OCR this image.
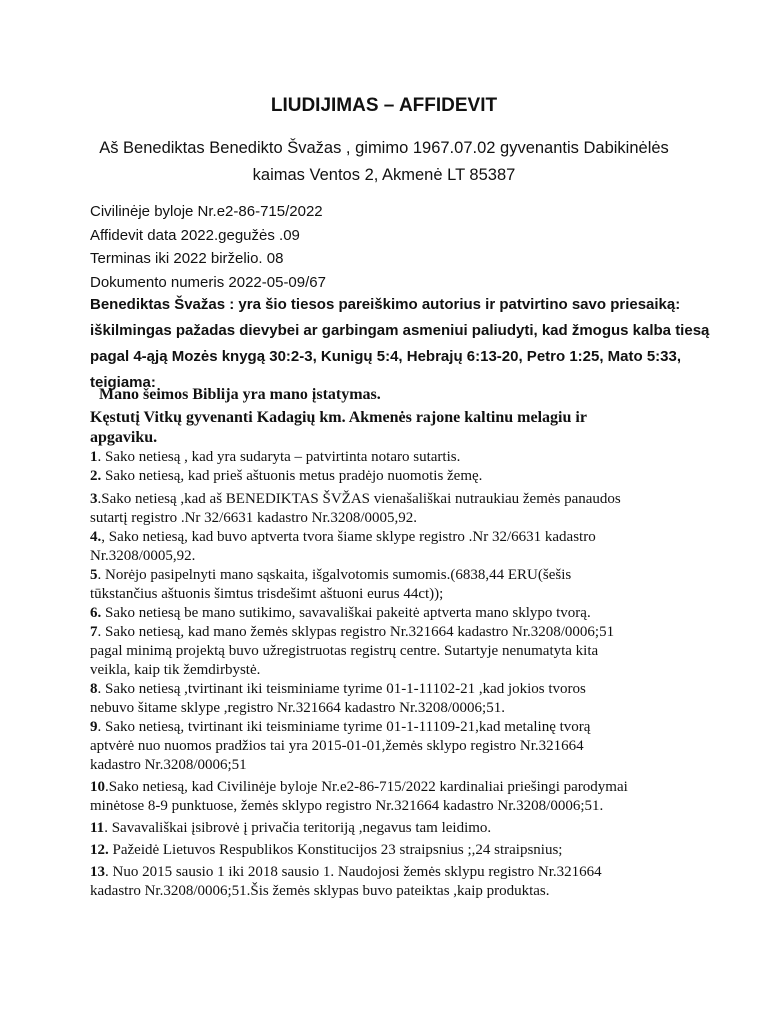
LIUDIJIMAS – AFFIDEVIT
Aš Benediktas Benedikto Švažas , gimimo 1967.07.02 gyvenantis Dabikinėlės
kaimas Ventos 2, Akmenė LT 85387
Civilinėje byloje Nr.e2-86-715/2022
Affidevit data 2022.gegužės .09
Terminas iki 2022 birželio. 08
Dokumento numeris 2022-05-09/67
Benediktas Švažas : yra šio tiesos pareiškimo autorius ir patvirtino savo priesaiką:
iškilmingas pažadas dievybei ar garbingam asmeniui paliudyti, kad žmogus kalba tiesą
pagal 4-ąją Mozės knygą 30:2-3, Kunigų 5:4, Hebrajų 6:13-20, Petro 1:25, Mato 5:33,
teigiama:
Mano šeimos Biblija yra mano įstatymas.
Kęstutį Vitkų gyvenanti Kadagių km. Akmenės rajone kaltinu melagiu ir
apgaviku.
1. Sako netiesą , kad yra sudaryta – patvirtinta notaro sutartis.
2. Sako netiesą, kad prieš aštuonis metus pradėjo nuomotis žemę.
3.Sako netiesą ,kad aš BENEDIKTAS ŠVŽAS vienašališkai nutraukiau žemės panaudos
sutartį registro .Nr 32/6631 kadastro Nr.3208/0005,92.
4., Sako netiesą, kad buvo aptverta tvora šiame sklype registro .Nr 32/6631 kadastro
Nr.3208/0005,92.
5. Norėjo pasipelnyti mano sąskaita, išgalvotomis sumomis.(6838,44 ERU(šešis
tūkstančius aštuonis šimtus trisdešimt aštuoni eurus 44ct));
6. Sako netiesą be mano sutikimo, savavališkai pakeitė aptverta mano sklypo tvorą.
7. Sako netiesą, kad mano žemės sklypas registro Nr.321664 kadastro Nr.3208/0006;51
pagal minimą projektą buvo užregistruotas registrų centre. Sutartyje nenumatyta kita
veikla, kaip tik žemdirbystė.
8. Sako netiesą ,tvirtinant iki teisminiame tyrime 01-1-11102-21 ,kad jokios tvoros
nebuvo šitame sklype ,registro Nr.321664 kadastro Nr.3208/0006;51.
9. Sako netiesą, tvirtinant iki teisminiame tyrime 01-1-11109-21,kad metalinę tvorą
aptvėrė nuo nuomos pradžios tai yra 2015-01-01,žemės sklypo registro Nr.321664
kadastro Nr.3208/0006;51
10.Sako netiesą, kad Civilinėje byloje Nr.e2-86-715/2022 kardinaliai priešingi parodymai
minėtose 8-9 punktuose, žemės sklypo registro Nr.321664 kadastro Nr.3208/0006;51.
11. Savavališkai įsibrovė į privačia teritoriją ,negavus tam leidimo.
12. Pažeidė Lietuvos Respublikos Konstitucijos 23 straipsnius ;,24 straipsnius;
13. Nuo 2015 sausio 1 iki 2018 sausio 1. Naudojosi žemės sklypu registro Nr.321664
kadastro Nr.3208/0006;51.Šis žemės sklypas buvo pateiktas ,kaip produktas.
